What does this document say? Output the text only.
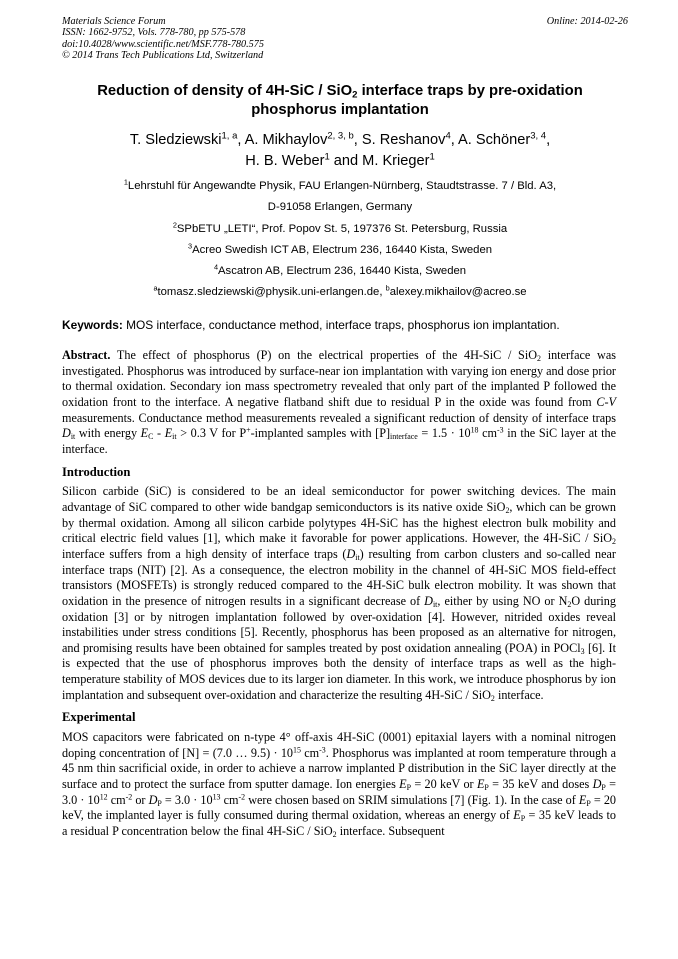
Materials Science Forum
ISSN: 1662-9752, Vols. 778-780, pp 575-578
doi:10.4028/www.scientific.net/MSF.778-780.575
© 2014 Trans Tech Publications Ltd, Switzerland
Online: 2014-02-26
Reduction of density of 4H-SiC / SiO$_2$ interface traps by pre-oxidation phosphorus implantation
T. Sledziewski$^{1, a}$, A. Mikhaylov$^{2, 3, b}$, S. Reshanov$^4$, A. Schöner$^{3, 4}$,
H. B. Weber$^1$ and M. Krieger$^1$
$^1$Lehrstuhl für Angewandte Physik, FAU Erlangen-Nürnberg, Staudtstrasse. 7 / Bld. A3,
D-91058 Erlangen, Germany
$^2$SPbETU „LETI“, Prof. Popov St. 5, 197376 St. Petersburg, Russia
$^3$Acreo Swedish ICT AB, Electrum 236, 16440 Kista, Sweden
$^4$Ascatron AB, Electrum 236, 16440 Kista, Sweden
$^a$tomasz.sledziewski@physik.uni-erlangen.de, $^b$alexey.mikhailov@acreo.se
Keywords: MOS interface, conductance method, interface traps, phosphorus ion implantation.

Abstract. The effect of phosphorus (P) on the electrical properties of the 4H-SiC / SiO$_2$ interface was investigated. Phosphorus was introduced by surface-near ion implantation with varying ion energy and dose prior to thermal oxidation. Secondary ion mass spectrometry revealed that only part of the implanted P followed the oxidation front to the interface. A negative flatband shift due to residual P in the oxide was found from C-V measurements. Conductance method measurements revealed a significant reduction of density of interface traps $D_{it}$ with energy $E_C - E_{it} > 0.3$ V for P+-implanted samples with $[P]_{interface} = 1.5 \cdot 10^{18}$ $cm^{-3}$ in the SiC layer at the interface.

Introduction

Silicon carbide (SiC) is considered to be an ideal semiconductor for power switching devices. The main advantage of SiC compared to other wide bandgap semiconductors is its native oxide SiO$_2$, which can be grown by thermal oxidation. Among all silicon carbide polytypes 4H-SiC has the highest electron bulk mobility and critical electric field values [1], which make it favorable for power applications. However, the 4H-SiC / SiO$_2$ interface suffers from a high density of interface traps $(D_{it})$ resulting from carbon clusters and so-called near interface traps (NIT) [2]. As a consequence, the electron mobility in the channel of 4H-SiC MOS field-effect transistors (MOSFETs) is strongly reduced compared to the 4H-SiC bulk electron mobility. It was shown that oxidation in the presence of nitrogen results in a significant decrease of $D_{it}$, either by using NO or $N_2O$ during oxidation [3] or by nitrogen implantation followed by over-oxidation [4]. However, nitrided oxides reveal instabilities under stress conditions [5]. Recently, phosphorus has been proposed as an alternative for nitrogen, and promising results have been obtained for samples treated by post oxidation annealing (POA) in POCl$_3$ [6]. It is expected that the use of phosphorus improves both the density of interface traps as well as the high-temperature stability of MOS devices due to its larger ion diameter. In this work, we introduce phosphorus by ion implantation and subsequent over-oxidation and characterize the resulting 4H-SiC / SiO$_2$ interface.

Experimental

MOS capacitors were fabricated on n-type 4° off-axis 4H-SiC (0001) epitaxial layers with a nominal nitrogen doping concentration of [N] = (7.0 … $9.5) \cdot 10^{15}$ $cm^{-3}$. Phosphorus was implanted at room temperature through a 45 nm thin sacrificial oxide, in order to achieve a narrow implanted P distribution in the SiC layer directly at the surface and to protect the surface from sputter damage. Ion energies $E_P = 20$ keV or $E_P = 35$ keV and doses $D_P = 3.0 \cdot 10^{12}$ $cm^{-2}$ or $D_P = 3.0 \cdot 10^{13}$ $cm^{-2}$ were chosen based on SRIM simulations [7] (Fig. 1). In the case of $E_P = 20$ keV, the implanted layer is fully consumed during thermal oxidation, whereas an energy of $E_P = 35$ keV leads to a residual P concentration below the final 4H-SiC / SiO$_2$ interface. Subsequent
